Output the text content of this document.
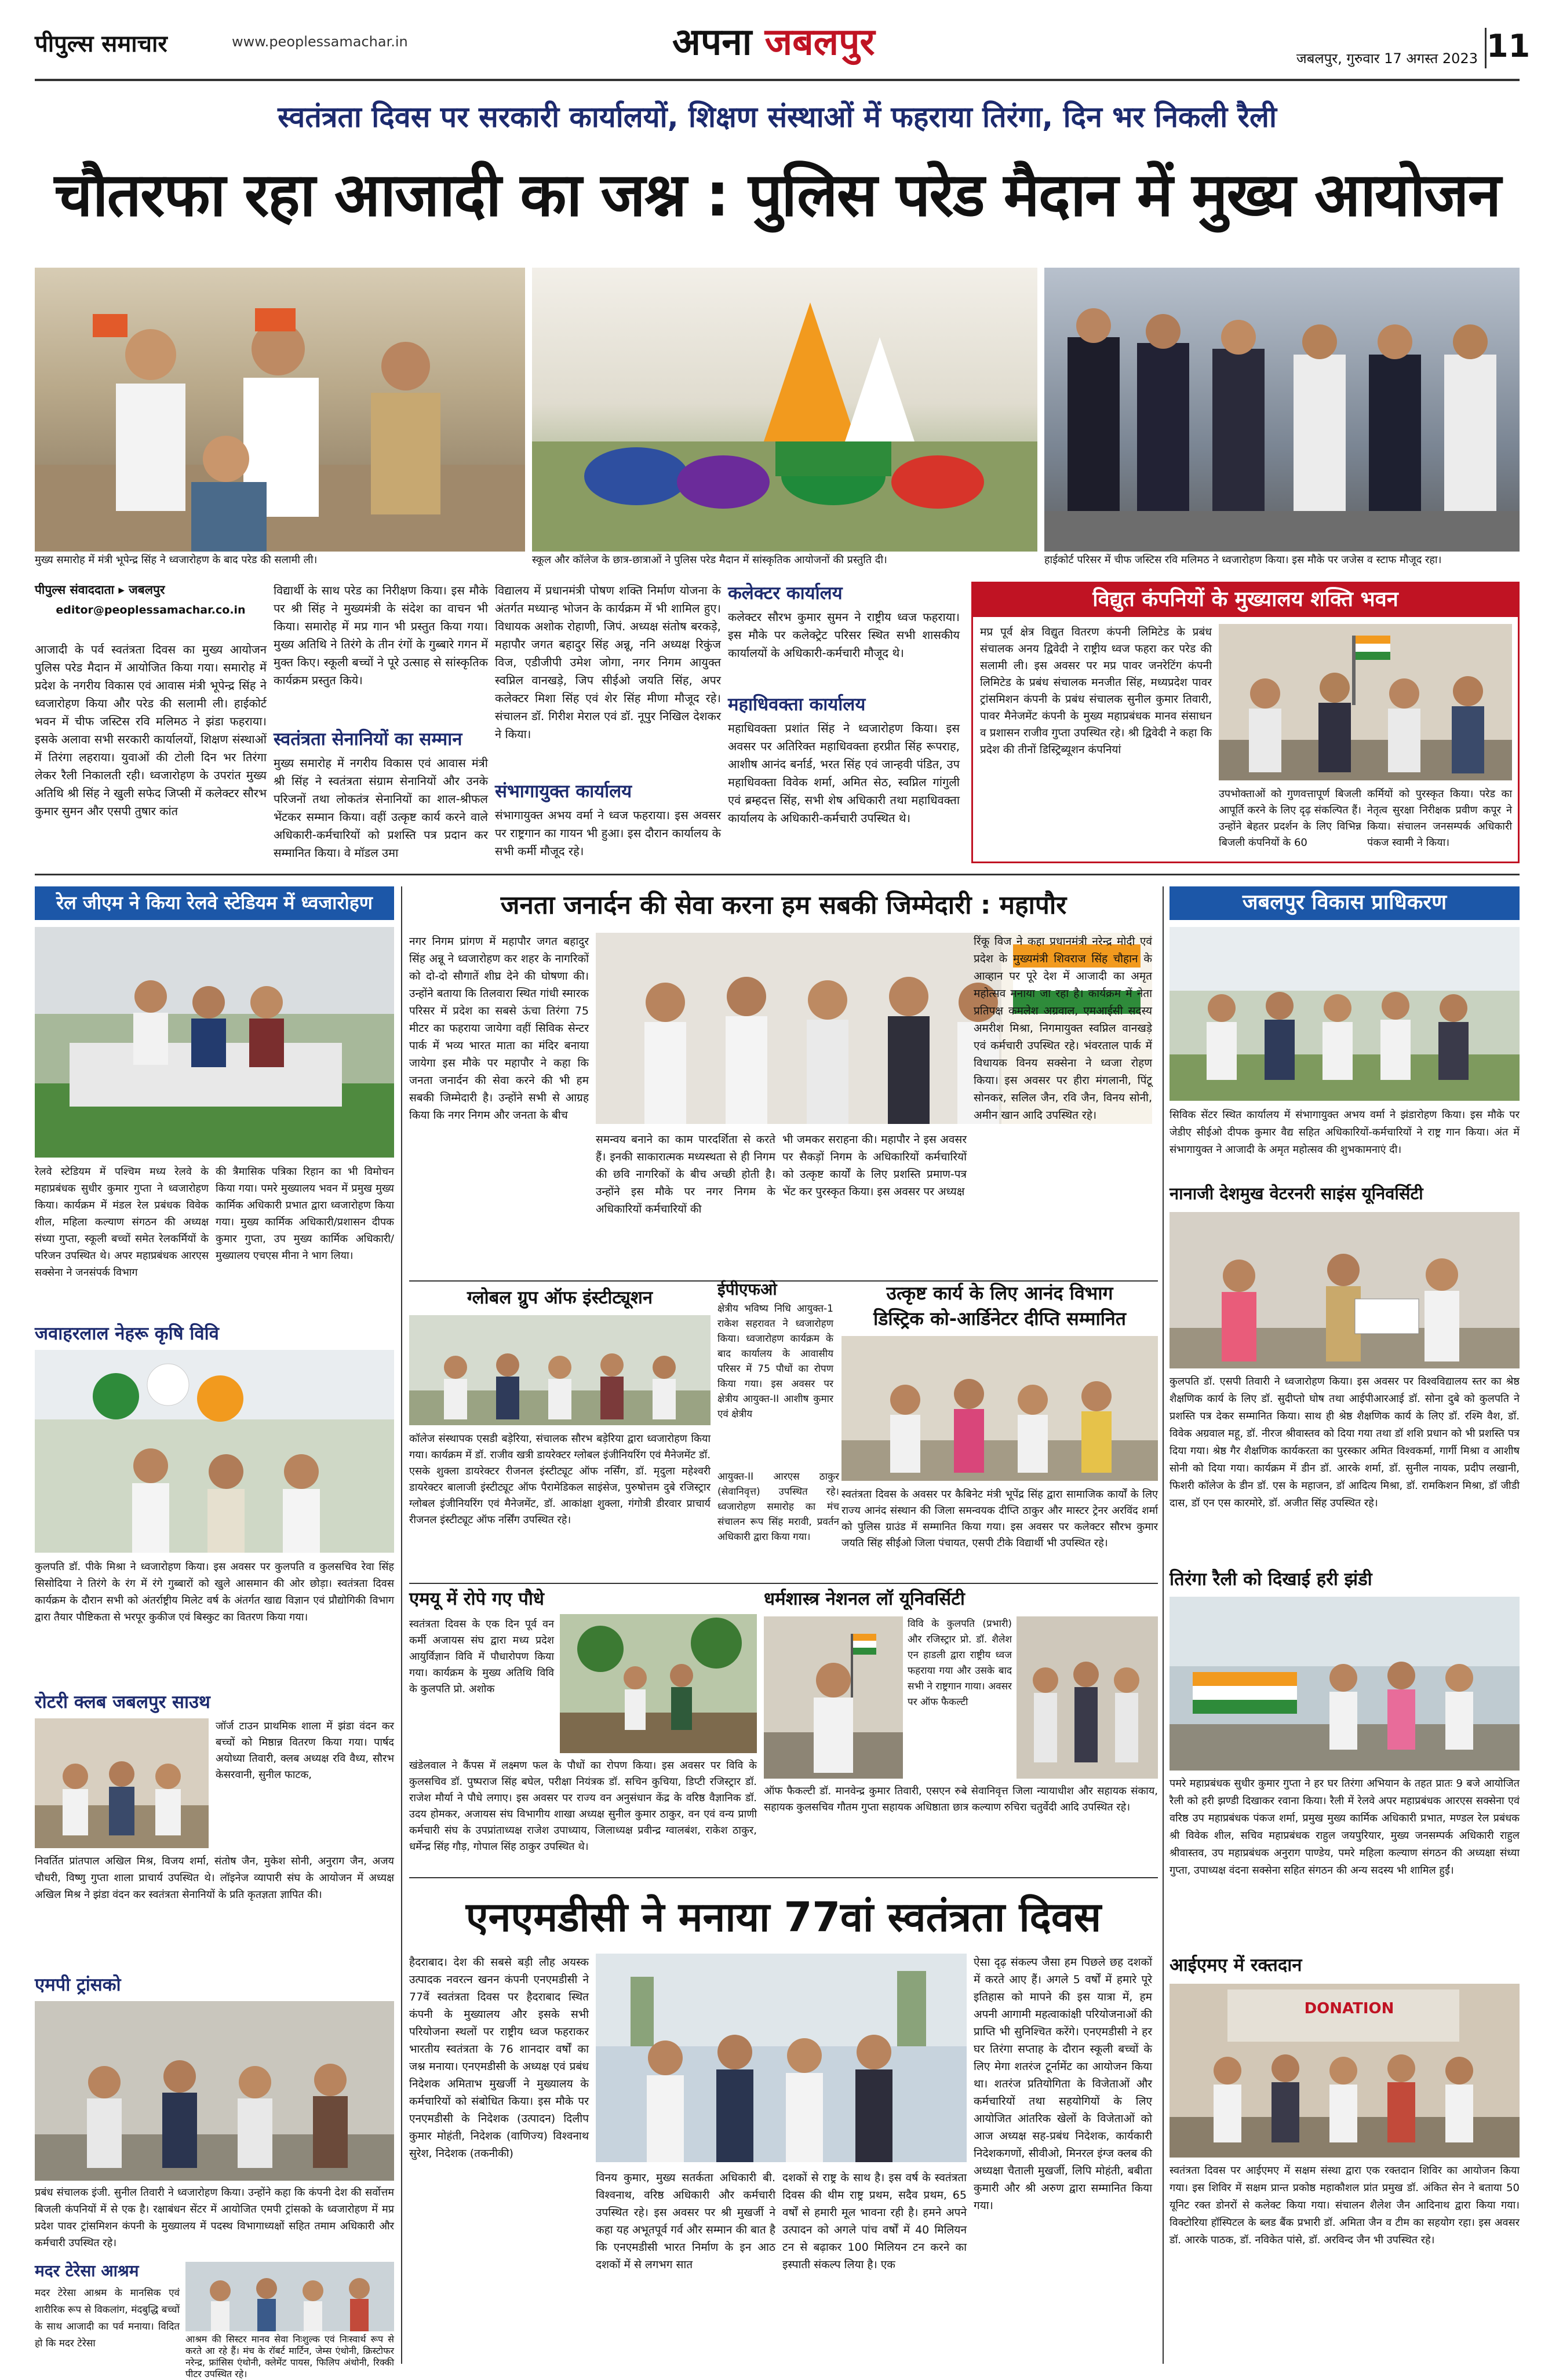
पीपुल्स समाचार	www.peoplessamachar.in	अपना जबलपुर	जबलपुर, गुरुवार 17 अगस्त 2023 11
स्वतंत्रता दिवस पर सरकारी कार्यालयों, शिक्षण संस्थाओं में फहराया तिरंगा, दिन भर निकली रैली
चौतरफा रहा आजादी का जश्न : पुलिस परेड मैदान में मुख्य आयोजन
मुख्य समारोह में मंत्री भूपेन्द्र सिंह ने ध्वजारोहण के बाद परेड की सलामी ली।	स्कूल और कॉलेज के छात्र-छात्राओं ने पुलिस परेड मैदान में सांस्कृतिक आयोजनों की प्रस्तुति दी।	हाईकोर्ट परिसर में चीफ जस्टिस रवि मलिमठ ने ध्वजारोहण किया। इस मौके पर जजेस व स्टाफ मौजूद रहा।
पीपुल्स संवाददाता ▸ जबलपुर
editor@peoplessamachar.co.in
आजादी के पर्व स्वतंत्रता दिवस का मुख्य आयोजन पुलिस परेड मैदान में आयोजित किया गया। समारोह में प्रदेश के नगरीय विकास एवं आवास मंत्री भूपेन्द्र सिंह ने ध्वजारोहण किया और परेड की सलामी ली। हाईकोर्ट भवन में चीफ जस्टिस रवि मलिमठ ने झंडा फहराया। इसके अलावा सभी सरकारी कार्यालयों, शिक्षण संस्थाओं में तिरंगा लहराया। युवाओं की टोली दिन भर तिरंगा लेकर रैली निकालती रही। ध्वजारोहण के उपरांत मुख्य अतिथि श्री सिंह ने खुली सफेद जिप्सी में कलेक्टर सौरभ कुमार सुमन और एसपी तुषार कांत
विद्यार्थी के साथ परेड का निरीक्षण किया। इस मौके पर श्री सिंह ने मुख्यमंत्री के संदेश का वाचन भी किया। समारोह में मप्र गान भी प्रस्तुत किया गया। मुख्य अतिथि ने तिरंगे के तीन रंगों के गुब्बारे गगन में मुक्त किए। स्कूली बच्चों ने पूरे उत्साह से सांस्कृतिक कार्यक्रम प्रस्तुत किये।
स्वतंत्रता सेनानियों का सम्मान
मुख्य समारोह में नगरीय विकास एवं आवास मंत्री श्री सिंह ने स्वतंत्रता संग्राम सेनानियों और उनके परिजनों तथा लोकतंत्र सेनानियों का शाल-श्रीफल भेंटकर सम्मान किया। वहीं उत्कृष्ट कार्य करने वाले अधिकारी-कर्मचारियों को प्रशस्ति पत्र प्रदान कर सम्मानित किया। वे मॉडल उमा
विद्यालय में प्रधानमंत्री पोषण शक्ति निर्माण योजना के अंतर्गत मध्यान्ह भोजन के कार्यक्रम में भी शामिल हुए। विधायक अशोक रोहाणी, जिपं. अध्यक्ष संतोष बरकड़े, महापौर जगत बहादुर सिंह अन्नू, ननि अध्यक्ष रिकुंज विज, एडीजीपी उमेश जोगा, नगर निगम आयुक्त स्वप्निल वानखड़े, जिप सीईओ जयति सिंह, अपर कलेक्टर मिशा सिंह एवं शेर सिंह मीणा मौजूद रहे। संचालन डॉ. गिरीश मेराल एवं डॉ. नूपुर निखिल देशकर ने किया।
संभागायुक्त कार्यालय
संभागायुक्त अभय वर्मा ने ध्वज फहराया। इस अवसर पर राष्ट्रगान का गायन भी हुआ। इस दौरान कार्यालय के सभी कर्मी मौजूद रहे।
कलेक्टर कार्यालय
कलेक्टर सौरभ कुमार सुमन ने राष्ट्रीय ध्वज फहराया। इस मौके पर कलेक्ट्रेट परिसर स्थित सभी शासकीय कार्यालयों के अधिकारी-कर्मचारी मौजूद थे।
महाधिवक्ता कार्यालय
महाधिवक्ता प्रशांत सिंह ने ध्वजारोहण किया। इस अवसर पर अतिरिक्त महाधिवक्ता हरप्रीत सिंह रूपराह, आशीष आनंद बर्नार्ड, भरत सिंह एवं जान्हवी पंडित, उप महाधिवक्ता विवेक शर्मा, अमित सेठ, स्वप्निल गांगुली एवं ब्रम्हदत्त सिंह, सभी शेष अधिकारी तथा महाधिवक्ता कार्यालय के अधिकारी-कर्मचारी उपस्थित थे।
विद्युत कंपनियों के मुख्यालय शक्ति भवन
मप्र पूर्व क्षेत्र विद्युत वितरण कंपनी लिमिटेड के प्रबंध संचालक अनय द्विवेदी ने राष्ट्रीय ध्वज फहरा कर परेड की सलामी ली। इस अवसर पर मप्र पावर जनरेटिंग कंपनी लिमिटेड के प्रबंध संचालक मनजीत सिंह, मध्यप्रदेश पावर ट्रांसमिशन कंपनी के प्रबंध संचालक सुनील कुमार तिवारी, पावर मैनेजमेंट कंपनी के मुख्य महाप्रबंधक मानव संसाधन व प्रशासन राजीव गुप्ता उपस्थित रहे। श्री द्विवेदी ने कहा कि प्रदेश की तीनों डिस्ट्रिब्यूशन कंपनियां
उपभोक्ताओं को गुणवत्तापूर्ण बिजली आपूर्ति करने के लिए दृढ़ संकल्पित हैं। उन्होंने बेहतर प्रदर्शन के लिए विभिन्न बिजली कंपनियों के 60
कर्मियों को पुरस्कृत किया। परेड का नेतृत्व सुरक्षा निरीक्षक प्रवीण कपूर ने किया। संचालन जनसम्पर्क अधिकारी पंकज स्वामी ने किया।
रेल जीएम ने किया रेलवे स्टेडियम में ध्वजारोहण
रेलवे स्टेडियम में पश्चिम मध्य रेलवे के महाप्रबंधक सुधीर कुमार गुप्ता ने ध्वजारोहण किया। कार्यक्रम में मंडल रेल प्रबंधक विवेक शील, महिला कल्याण संगठन की अध्यक्ष संध्या गुप्ता, स्कूली बच्चों समेत रेलकर्मियों के परिजन उपस्थित थे। अपर महाप्रबंधक आरएस सक्सेना ने जनसंपर्क विभाग
की त्रैमासिक पत्रिका रिहान का भी विमोचन किया गया। पमरे मुख्यालय भवन में प्रमुख मुख्य कार्मिक अधिकारी प्रभात द्वारा ध्वजारोहण किया गया। मुख्य कार्मिक अधिकारी/प्रशासन दीपक कुमार गुप्ता, उप मुख्य कार्मिक अधिकारी/मुख्यालय एचएस मीना ने भाग लिया।
जवाहरलाल नेहरू कृषि विवि
कुलपति डॉ. पीके मिश्रा ने ध्वजारोहण किया। इस अवसर पर कुलपति व कुलसचिव रेवा सिंह सिसोदिया ने तिरंगे के रंग में रंगे गुब्बारों को खुले आसमान की ओर छोड़ा। स्वतंत्रता दिवस कार्यक्रम के दौरान सभी को अंतर्राष्ट्रीय मिलेट वर्ष के अंतर्गत खाद्य विज्ञान एवं प्रौद्योगिकी विभाग द्वारा तैयार पौष्टिकता से भरपूर कुकीज एवं बिस्कुट का वितरण किया गया।
रोटरी क्लब जबलपुर साउथ
जॉर्ज टाउन प्राथमिक शाला में झंडा वंदन कर बच्चों को मिष्ठान्न वितरण किया गया। पार्षद अयोध्या तिवारी, क्लब अध्यक्ष रवि वैध्य, सौरभ केसरवानी, सुनील फाटक,
निवर्तित प्रांतपाल अखिल मिश्र, विजय शर्मा, संतोष जैन, मुकेश सोनी, अनुराग जैन, अजय चौधरी, विष्णु गुप्ता शाला प्राचार्य उपस्थित थे। लॉइनेज व्यापारी संघ के आयोजन में अध्यक्ष अखिल मिश्र ने झंडा वंदन कर स्वतंत्रता सेनानियों के प्रति कृतज्ञता ज्ञापित की।
एमपी ट्रांसको
प्रबंध संचालक इंजी. सुनील तिवारी ने ध्वजारोहण किया। उन्होंने कहा कि कंपनी देश की सर्वोत्तम बिजली कंपनियों में से एक है। रक्षाबंधन सेंटर में आयोजित एमपी ट्रांसको के ध्वजारोहण में मप्र प्रदेश पावर ट्रांसमिशन कंपनी के मुख्यालय में पदस्थ विभागाध्यक्षों सहित तमाम अधिकारी और कर्मचारी उपस्थित रहे।
मदर टेरेसा आश्रम
मदर टेरेसा आश्रम के मानसिक एवं शारीरिक रूप से विकलांग, मंदबुद्धि बच्चों के साथ आजादी का पर्व मनाया। विदित हो कि मदर टेरेसा	आश्रम की सिस्टर मानव सेवा निःशुल्क एवं निःस्वार्थ रूप से करते आ रहे हैं। मंच के रॉबर्ट मार्टिन, जेम्स एंथोनी, क्रिस्टोफर नरेन्द्र, फ्रांसिस एंथोनी, क्लेमेंट पायस, फिलिप अंथोनी, रिक्की पीटर उपस्थित रहे।
जनता जनार्दन की सेवा करना हम सबकी जिम्मेदारी : महापौर
नगर निगम प्रांगण में महापौर जगत बहादुर सिंह अन्नू ने ध्वजारोहण कर शहर के नागरिकों को दो-दो सौगातें शीघ्र देने की घोषणा की। उन्होंने बताया कि तिलवारा स्थित गांधी स्मारक परिसर में प्रदेश का सबसे ऊंचा तिरंगा 75 मीटर का फहराया जायेगा वहीं सिविक सेन्टर पार्क में भव्य भारत माता का मंदिर बनाया जायेगा इस मौके पर महापौर ने कहा कि जनता जनार्दन की सेवा करने की भी हम सबकी जिम्मेदारी है। उन्होंने सभी से आग्रह किया कि नगर निगम और जनता के बीच
समन्वय बनाने का काम पारदर्शिता से करते हैं। इनकी साकारात्मक मध्यस्थता से ही निगम की छवि नागरिकों के बीच अच्छी होती है। उन्होंने इस मौके पर नगर निगम के अधिकारियों कर्मचारियों की
भी जमकर सराहना की। महापौर ने इस अवसर पर सैकड़ों निगम के अधिकारियों कर्मचारियों को उत्कृष्ट कार्यों के लिए प्रशस्ति प्रमाण-पत्र भेंट कर पुरस्कृत किया। इस अवसर पर अध्यक्ष
रिंकू विज ने कहा प्रधानमंत्री नरेन्द्र मोदी एवं प्रदेश के मुख्यमंत्री शिवराज सिंह चौहान के आव्हान पर पूरे देश में आजादी का अमृत महोत्सव मनाया जा रहा है। कार्यक्रम में नेता प्रतिपक्ष कमलेश अग्रवाल, एमआईसी सदस्य अमरीश मिश्रा, निगमायुक्त स्वप्निल वानखड़े एवं कर्मचारी उपस्थित रहे। भंवरताल पार्क में विधायक विनय सक्सेना ने ध्वजा रोहण किया। इस अवसर पर हीरा मंगलानी, पिंटू सोनकर, सलिल जैन, रवि जैन, विनय सोनी, अमीन खान आदि उपस्थित रहे।
ग्लोबल ग्रुप ऑफ इंस्टीट्यूशन
कॉलेज संस्थापक एसडी बड़ेरिया, संचालक सौरभ बड़ेरिया द्वारा ध्वजारोहण किया गया। कार्यक्रम में डॉ. राजीव खत्री डायरेक्टर ग्लोबल इंजीनियरिंग एवं मैनेजमेंट डॉ. एसके शुक्ला डायरेक्टर रीजनल इंस्टीट्यूट ऑफ नर्सिंग, डॉ. मृदुला महेश्वरी डायरेक्टर बालाजी इंस्टीट्यूट ऑफ पैरामेडिकल साइंसेज, पुरुषोत्तम दुबे रजिस्ट्रार ग्लोबल इंजीनियरिंग एवं मैनेजमेंट, डॉ. आकांक्षा शुक्ला, गंगोत्री डीरवार प्राचार्य रीजनल इंस्टीट्यूट ऑफ नर्सिंग उपस्थित रहे।
ईपीएफओ
क्षेत्रीय भविष्य निधि आयुक्त-1 राकेश सहरावत ने ध्वजारोहण किया। ध्वजारोहण कार्यक्रम के बाद कार्यालय के आवासीय परिसर में 75 पौधों का रोपण किया गया। इस अवसर पर क्षेत्रीय आयुक्त-II आशीष कुमार एवं क्षेत्रीय
आयुक्त-II आरएस ठाकुर (सेवानिवृत्त) उपस्थित रहे। ध्वजारोहण समारोह का मंच संचालन रूप सिंह मरावी, प्रवर्तन अधिकारी द्वारा किया गया।
उत्कृष्ट कार्य के लिए आनंद विभाग
डिस्ट्रिक को-आर्डिनेटर दीप्ति सम्मानित
स्वतंत्रता दिवस के अवसर पर कैबिनेट मंत्री भूपेंद्र सिंह द्वारा सामाजिक कार्यों के लिए राज्य आनंद संस्थान की जिला समन्वयक दीप्ति ठाकुर और मास्टर ट्रेनर अरविंद शर्मा को पुलिस ग्राउंड में सम्मानित किया गया। इस अवसर पर कलेक्टर सौरभ कुमार जयति सिंह सीईओ जिला पंचायत, एसपी टीके विद्यार्थी भी उपस्थित रहे।
एमयू में रोपे गए पौधे
स्वतंत्रता दिवस के एक दिन पूर्व वन कर्मी अजायस संघ द्वारा मध्य प्रदेश आयुर्विज्ञान विवि में पौधारोपण किया गया। कार्यक्रम के मुख्य अतिथि विवि के कुलपति प्रो. अशोक
खंडेलवाल ने कैंपस में लक्ष्मण फल के पौधों का रोपण किया। इस अवसर पर विवि के कुलसचिव डॉ. पुष्पराज सिंह बघेल, परीक्षा नियंत्रक डॉ. सचिन कुचिया, डिप्टी रजिस्ट्रार डॉ. राजेश मौर्या ने पौधे लगाए। इस अवसर पर राज्य वन अनुसंधान केंद्र के वरिष्ठ वैज्ञानिक डॉ. उदय होमकर, अजायस संघ विभागीय शाखा अध्यक्ष सुनील कुमार ठाकुर, वन एवं वन्य प्राणी कर्मचारी संघ के उपप्रांताध्यक्ष राजेश उपाध्याय, जिलाध्यक्ष प्रवीन्द्र ग्वालबंश, राकेश ठाकुर, धर्मेन्द्र सिंह गौड़, गोपाल सिंह ठाकुर उपस्थित थे।
धर्मशास्त्र नेशनल लॉ यूनिवर्सिटी
विवि के कुलपति (प्रभारी) और रजिस्ट्रार प्रो. डॉ. शैलेश एन हाडली द्वारा राष्ट्रीय ध्वज फहराया गया और उसके बाद सभी ने राष्ट्रगान गाया। अवसर पर ऑफ फैकल्टी
ऑफ फैकल्टी डॉ. मानवेन्द्र कुमार तिवारी, एसएन रुबे सेवानिवृत्त जिला न्यायाधीश और सहायक संकाय, सहायक कुलसचिव गौतम गुप्ता सहायक अधिष्ठाता छात्र कल्याण रुचिरा चतुर्वेदी आदि उपस्थित रहे।
एनएमडीसी ने मनाया 77वां स्वतंत्रता दिवस
हैदराबाद। देश की सबसे बड़ी लौह अयस्क उत्पादक नवरत्न खनन कंपनी एनएमडीसी ने 77वें स्वतंत्रता दिवस पर हैदराबाद स्थित कंपनी के मुख्यालय और इसके सभी परियोजना स्थलों पर राष्ट्रीय ध्वज फहराकर भारतीय स्वतंत्रता के 76 शानदार वर्षों का जश्न मनाया। एनएमडीसी के अध्यक्ष एवं प्रबंध निदेशक अमिताभ मुखर्जी ने मुख्यालय के कर्मचारियों को संबोधित किया। इस मौके पर एनएमडीसी के निदेशक (उत्पादन) दिलीप कुमार मोहंती, निदेशक (वाणिज्य) विश्वनाथ सुरेश, निदेशक (तकनीकी)
विनय कुमार, मुख्य सतर्कता अधिकारी बी. विश्वनाथ, वरिष्ठ अधिकारी और कर्मचारी उपस्थित रहे। इस अवसर पर श्री मुखर्जी ने कहा यह अभूतपूर्व गर्व और सम्मान की बात है कि एनएमडीसी भारत निर्माण के इन आठ दशकों में से लगभग सात
दशकों से राष्ट्र के साथ है। इस वर्ष के स्वतंत्रता दिवस की थीम राष्ट्र प्रथम, सदैव प्रथम, 65 वर्षों से हमारी मूल भावना रही है। हमने अपने उत्पादन को अगले पांच वर्षों में 40 मिलियन टन से बढ़ाकर 100 मिलियन टन करने का इस्पाती संकल्प लिया है। एक
ऐसा दृढ़ संकल्प जैसा हम पिछले छह दशकों में करते आए हैं। अगले 5 वर्षों में हमारे पूरे इतिहास को मापने की इस यात्रा में, हम अपनी आगामी महत्वाकांक्षी परियोजनाओं की प्राप्ति भी सुनिश्चित करेंगे। एनएमडीसी ने हर घर तिरंगा सप्ताह के दौरान स्कूली बच्चों के लिए मेगा शतरंज टूर्नामेंट का आयोजन किया था। शतरंज प्रतियोगिता के विजेताओं और कर्मचारियों तथा सहयोगियों के लिए आयोजित आंतरिक खेलों के विजेताओं को आज अध्यक्ष सह-प्रबंध निदेशक, कार्यकारी निदेशकगणों, सीवीओ, मिनरल इंग्ज क्लब की अध्यक्षा चैताली मुखर्जी, लिपि मोहंती, बबीता कुमारी और श्री अरुण द्वारा सम्मानित किया गया।
जबलपुर विकास प्राधिकरण
सिविक सेंटर स्थित कार्यालय में संभागायुक्त अभय वर्मा ने झंडारोहण किया। इस मौके पर जेडीए सीईओ दीपक कुमार वैद्य सहित अधिकारियों-कर्मचारियों ने राष्ट्र गान किया। अंत में संभागायुक्त ने आजादी के अमृत महोत्सव की शुभकामनाएं दी।
नानाजी देशमुख वेटरनरी साइंस यूनिवर्सिटी
कुलपति डॉ. एसपी तिवारी ने ध्वजारोहण किया। इस अवसर पर विश्वविद्यालय स्तर का श्रेष्ठ शैक्षणिक कार्य के लिए डॉ. सुदीप्तो घोष तथा आईपीआरआई डॉ. सोना दुबे को कुलपति ने प्रशस्ति पत्र देकर सम्मानित किया। साथ ही श्रेष्ठ शैक्षणिक कार्य के लिए डॉ. रश्मि वैश, डॉ. विवेक अग्रवाल महू, डॉ. नीरज श्रीवास्तव को दिया गया तथा डॉ शशि प्रधान को भी प्रशस्ति पत्र दिया गया। श्रेष्ठ गैर शैक्षणिक कार्यकरता का पुरस्कार अमित विश्वकर्मा, गार्गी मिश्रा व आशीष सोनी को दिया गया। कार्यक्रम में डीन डॉ. आरके शर्मा, डॉ. सुनील नायक, प्रदीप लखानी, फिशरी कॉलेज के डीन डॉ. एस के महाजन, डॉ आदित्य मिश्रा, डॉ. रामकिशन मिश्रा, डॉ जीडी दास, डॉ एन एस कारमोरे, डॉ. अजीत सिंह उपस्थित रहे।
तिरंगा रैली को दिखाई हरी झंडी
पमरे महाप्रबंधक सुधीर कुमार गुप्ता ने हर घर तिरंगा अभियान के तहत प्रातः 9 बजे आयोजित रैली को हरी झण्डी दिखाकर रवाना किया। रैली में रेलवे अपर महाप्रबंधक आरएस सक्सेना एवं वरिष्ठ उप महाप्रबंधक पंकज शर्मा, प्रमुख मुख्य कार्मिक अधिकारी प्रभात, मण्डल रेल प्रबंधक श्री विवेक शील, सचिव महाप्रबंधक राहुल जयपुरियार, मुख्य जनसम्पर्क अधिकारी राहुल श्रीवास्तव, उप महाप्रबंधक अनुराग पाण्डेय, पमरे महिला कल्याण संगठन की अध्यक्षा संध्या गुप्ता, उपाध्यक्ष वंदना सक्सेना सहित संगठन की अन्य सदस्य भी शामिल हुईं।
आईएमए में रक्तदान
DONATION
स्वतंत्रता दिवस पर आईएमए में सक्षम संस्था द्वारा एक रक्तदान शिविर का आयोजन किया गया। इस शिविर में सक्षम प्रान्त प्रकोष्ठ महाकौशल प्रांत प्रमुख डॉ. अंकित सेन ने बताया 50 यूनिट रक्त डोनरों से कलेक्ट किया गया। संचालन शैलेश जैन आदिनाथ द्वारा किया गया। विक्टोरिया हॉस्पिटल के ब्लड बैंक प्रभारी डॉ. अमिता जैन व टीम का सहयोग रहा। इस अवसर डॉ. आरके पाठक, डॉ. नविकेत पांसे, डॉ. अरविन्द जैन भी उपस्थित रहे।
